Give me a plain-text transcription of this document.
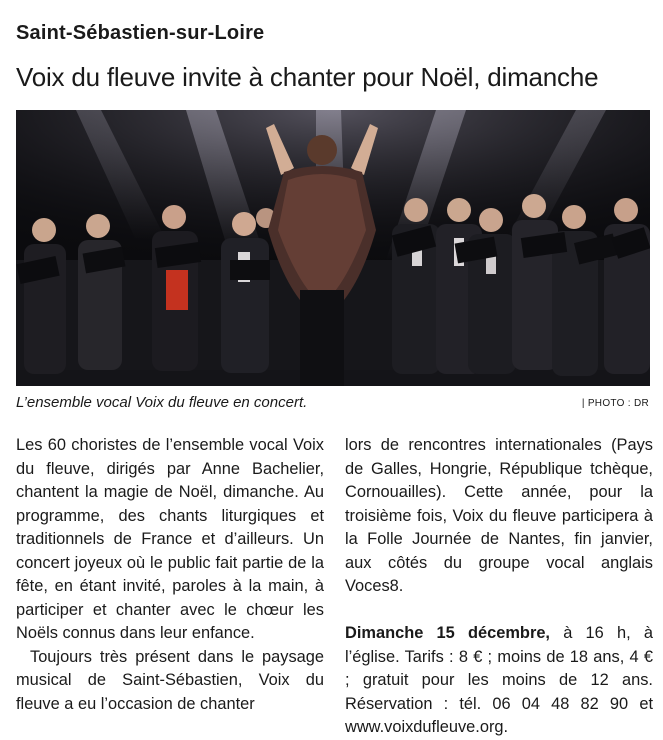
Saint-Sébastien-sur-Loire
Voix du fleuve invite à chanter pour Noël, dimanche
L’ensemble vocal Voix du fleuve en concert.	| PHOTO : DR

Les 60 choristes de l’ensemble vocal Voix du fleuve, dirigés par Anne Bachelier, chantent la magie de Noël, dimanche. Au programme, des chants liturgiques et traditionnels de France et d’ailleurs. Un concert joyeux où le public fait partie de la fête, en étant invité, paroles à la main, à participer et chanter avec le chœur les Noëls connus dans leur enfance.

Toujours très présent dans le paysage musical de Saint-Sébastien, Voix du fleuve a eu l’occasion de chanter

lors de rencontres internationales (Pays de Galles, Hongrie, République tchèque, Cornouailles). Cette année, pour la troisième fois, Voix du fleuve participera à la Folle Journée de Nantes, fin janvier, aux côtés du groupe vocal anglais Voces8.

Dimanche 15 décembre, à 16 h, à l’église. Tarifs : 8 € ; moins de 18 ans, 4 € ; gratuit pour les moins de 12 ans. Réservation : tél. 06 04 48 82 90 et www.voixdufleuve.org.
